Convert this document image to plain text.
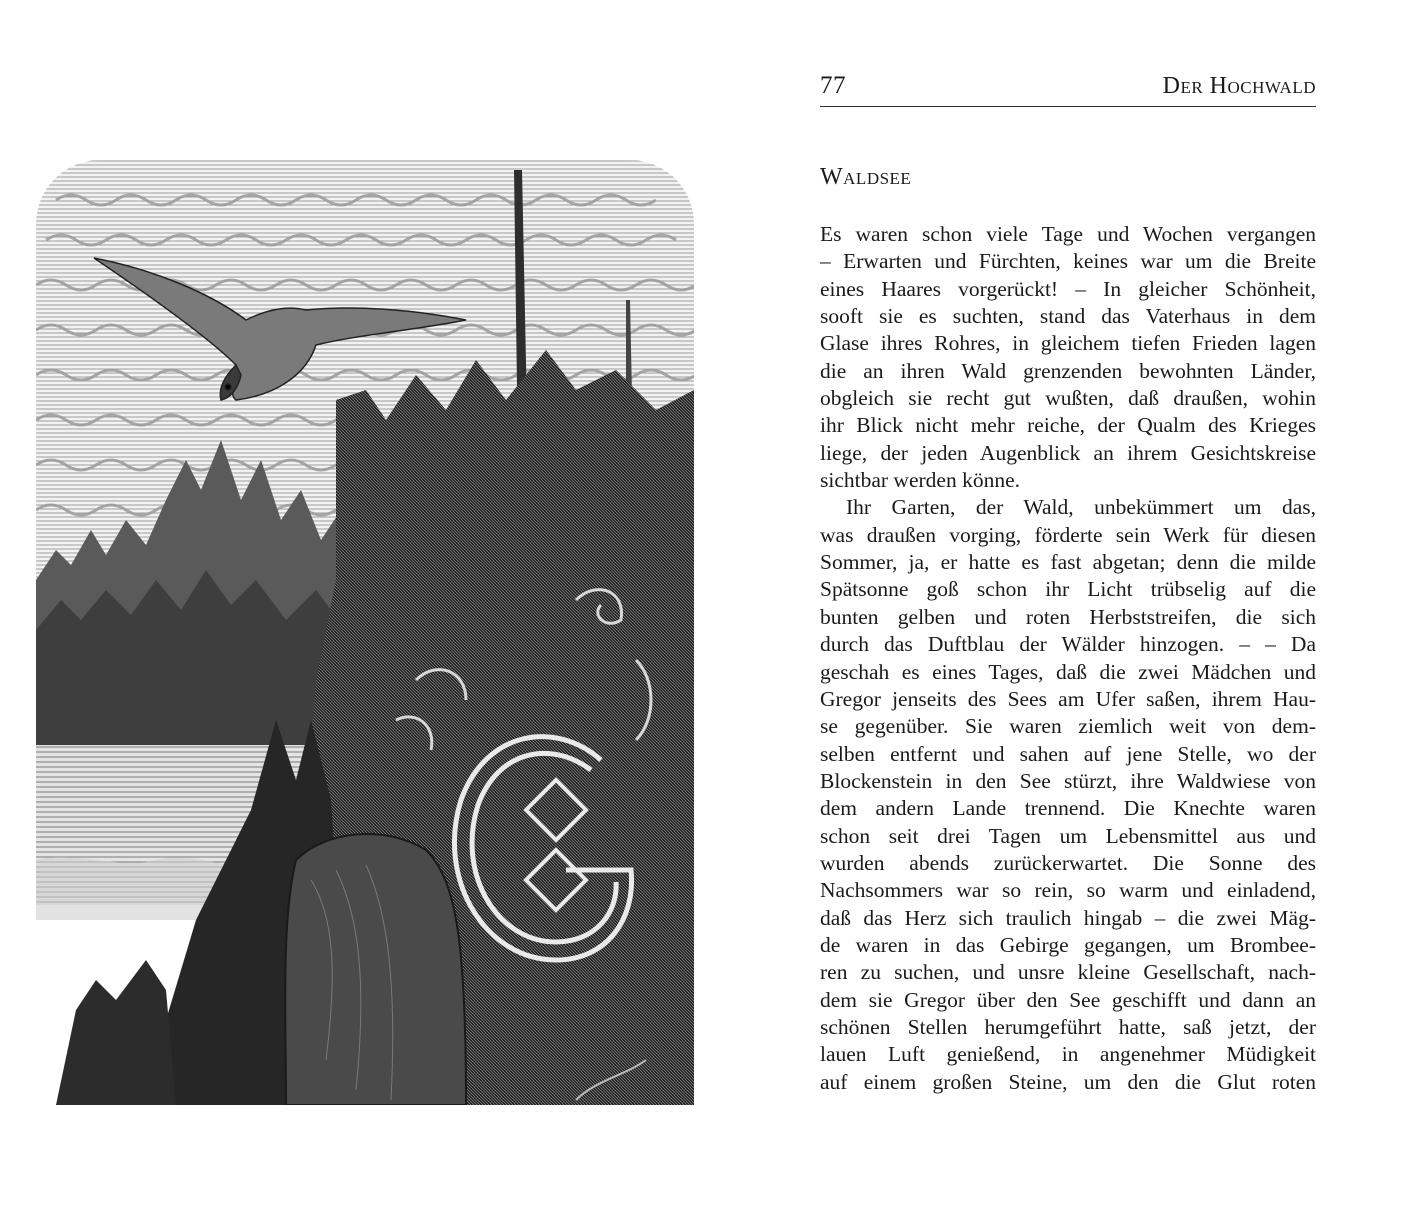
77	Der Hochwald
Waldsee
Es waren schon viele Tage und Wochen vergangen
– Erwarten und Fürchten, keines war um die Breite
eines Haares vorgerückt! – In gleicher Schönheit,
sooft sie es suchten, stand das Vaterhaus in dem
Glase ihres Rohres, in gleichem tiefen Frieden lagen
die an ihren Wald grenzenden bewohnten Länder,
obgleich sie recht gut wußten, daß draußen, wohin
ihr Blick nicht mehr reiche, der Qualm des Krieges
liege, der jeden Augenblick an ihrem Gesichtskreise
sichtbar werden könne.
Ihr Garten, der Wald, unbekümmert um das,
was draußen vorging, förderte sein Werk für diesen
Sommer, ja, er hatte es fast abgetan; denn die milde
Spätsonne goß schon ihr Licht trübselig auf die
bunten gelben und roten Herbststreifen, die sich
durch das Duftblau der Wälder hinzogen. – – Da
geschah es eines Tages, daß die zwei Mädchen und
Gregor jenseits des Sees am Ufer saßen, ihrem Hau-
se gegenüber. Sie waren ziemlich weit von dem-
selben entfernt und sahen auf jene Stelle, wo der
Blockenstein in den See stürzt, ihre Waldwiese von
dem andern Lande trennend. Die Knechte waren
schon seit drei Tagen um Lebensmittel aus und
wurden abends zurückerwartet. Die Sonne des
Nachsommers war so rein, so warm und einladend,
daß das Herz sich traulich hingab – die zwei Mäg-
de waren in das Gebirge gegangen, um Brombee-
ren zu suchen, und unsre kleine Gesellschaft, nach-
dem sie Gregor über den See geschifft und dann an
schönen Stellen herumgeführt hatte, saß jetzt, der
lauen Luft genießend, in angenehmer Müdigkeit
auf einem großen Steine, um den die Glut roten
